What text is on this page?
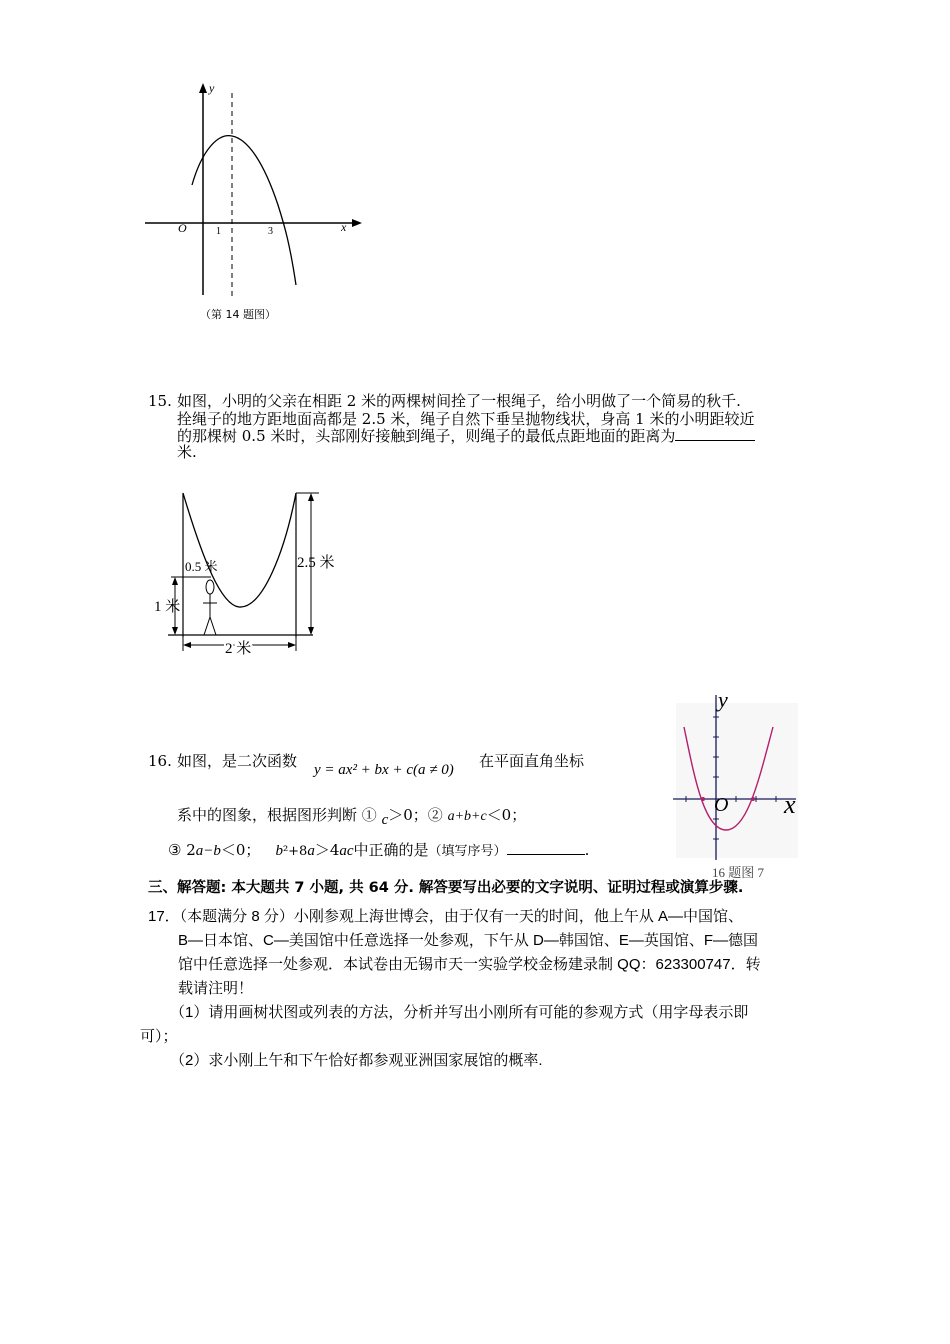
y
x
O	1	3
（第 14 题图）
15. 如图，小明的父亲在相距 2 米的两棵树间拴了一根绳子，给小明做了一个简易的秋千.
拴绳子的地方距地面高都是 2.5 米，绳子自然下垂呈抛物线状，身高 1 米的小明距较近
的那棵树 0.5 米时，头部刚好接触到绳子，则绳子的最低点距地面的距离为
米.
0.5 米	2.5 米
1 米
2 米
16. 如图，是二次函数 y = ax² + bx + c(a ≠ 0) 在平面直角坐标
系中的图象，根据图形判断 ① c＞0；② a+b+c＜0；
③ 2a−b＜0；  b²+8a＞4ac中正确的是（填写序号）	.
y
O x
16 题图 7
三、解答题: 本大题共 7 小题, 共 64 分. 解答要写出必要的文字说明、证明过程或演算步骤.
17．（本题满分 8 分）小刚参观上海世博会，由于仅有一天的时间，他上午从 A—中国馆、
B—日本馆、C—美国馆中任意选择一处参观，下午从 D—韩国馆、E—英国馆、F—德国
馆中任意选择一处参观．本试卷由无锡市天一实验学校金杨建录制 QQ：623300747．转
载请注明！
（1）请用画树状图或列表的方法，分析并写出小刚所有可能的参观方式（用字母表示即
可）；
（2）求小刚上午和下午恰好都参观亚洲国家展馆的概率.
